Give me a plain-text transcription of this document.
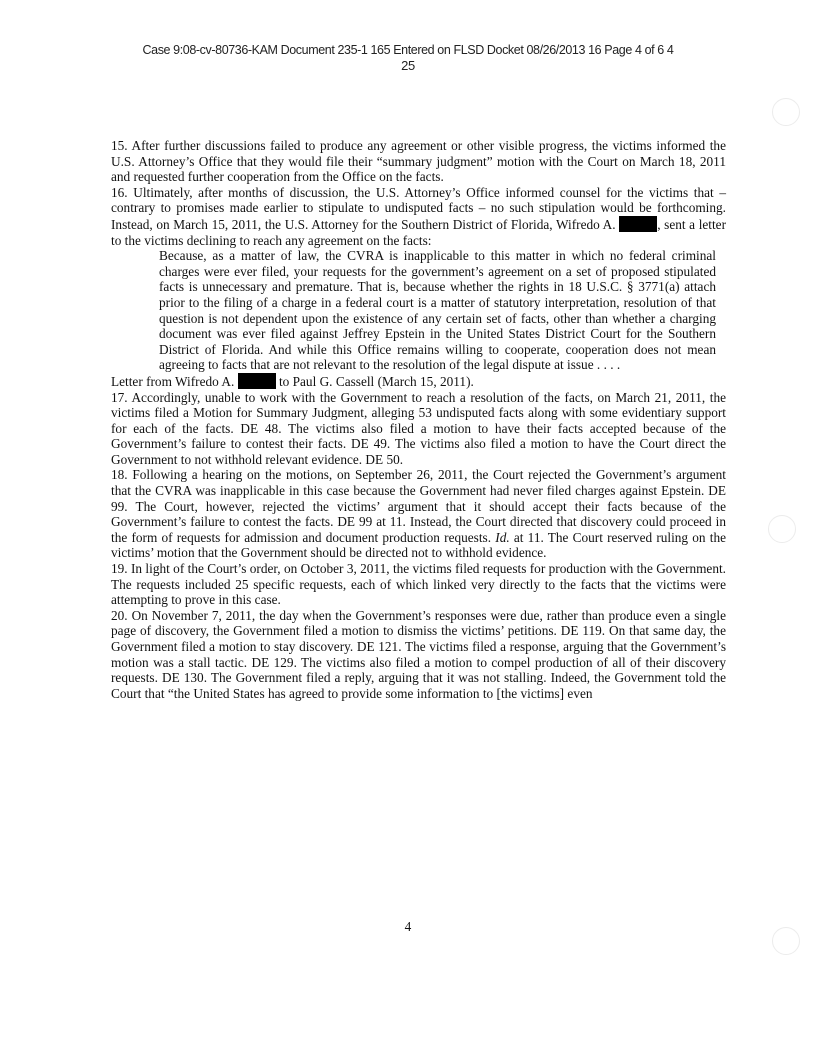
Case 9:08-cv-80736-KAM Document 235-1 165 Entered on FLSD Docket 08/26/2013 16 Page 4 of 6 4
25

15. After further discussions failed to produce any agreement or other visible progress, the victims informed the U.S. Attorney’s Office that they would file their “summary judgment” motion with the Court on March 18, 2011 and requested further cooperation from the Office on the facts.

16. Ultimately, after months of discussion, the U.S. Attorney’s Office informed counsel for the victims that – contrary to promises made earlier to stipulate to undisputed facts – no such stipulation would be forthcoming. Instead, on March 15, 2011, the U.S. Attorney for the Southern District of Florida, Wifredo A.	, sent a letter to the victims declining to reach any agreement on the facts:

Because, as a matter of law, the CVRA is inapplicable to this matter in which no federal criminal charges were ever filed, your requests for the government’s agreement on a set of proposed stipulated facts is unnecessary and premature. That is, because whether the rights in 18 U.S.C. § 3771(a) attach prior to the filing of a charge in a federal court is a matter of statutory interpretation, resolution of that question is not dependent upon the existence of any certain set of facts, other than whether a charging document was ever filed against Jeffrey Epstein in the United States District Court for the Southern District of Florida. And while this Office remains willing to cooperate, cooperation does not mean agreeing to facts that are not relevant to the resolution of the legal dispute at issue . . . .

Letter from Wifredo A.	to Paul G. Cassell (March 15, 2011).

17. Accordingly, unable to work with the Government to reach a resolution of the facts, on March 21, 2011, the victims filed a Motion for Summary Judgment, alleging 53 undisputed facts along with some evidentiary support for each of the facts. DE 48. The victims also filed a motion to have their facts accepted because of the Government’s failure to contest their facts. DE 49. The victims also filed a motion to have the Court direct the Government to not withhold relevant evidence. DE 50.

18. Following a hearing on the motions, on September 26, 2011, the Court rejected the Government’s argument that the CVRA was inapplicable in this case because the Government had never filed charges against Epstein. DE 99. The Court, however, rejected the victims’ argument that it should accept their facts because of the Government’s failure to contest the facts. DE 99 at 11. Instead, the Court directed that discovery could proceed in the form of requests for admission and document production requests. Id. at 11. The Court reserved ruling on the victims’ motion that the Government should be directed not to withhold evidence.

19. In light of the Court’s order, on October 3, 2011, the victims filed requests for production with the Government. The requests included 25 specific requests, each of which linked very directly to the facts that the victims were attempting to prove in this case.

20. On November 7, 2011, the day when the Government’s responses were due, rather than produce even a single page of discovery, the Government filed a motion to dismiss the victims’ petitions. DE 119. On that same day, the Government filed a motion to stay discovery. DE 121. The victims filed a response, arguing that the Government’s motion was a stall tactic. DE 129. The victims also filed a motion to compel production of all of their discovery requests. DE 130. The Government filed a reply, arguing that it was not stalling. Indeed, the Government told the Court that “the United States has agreed to provide some information to [the victims] even

4
